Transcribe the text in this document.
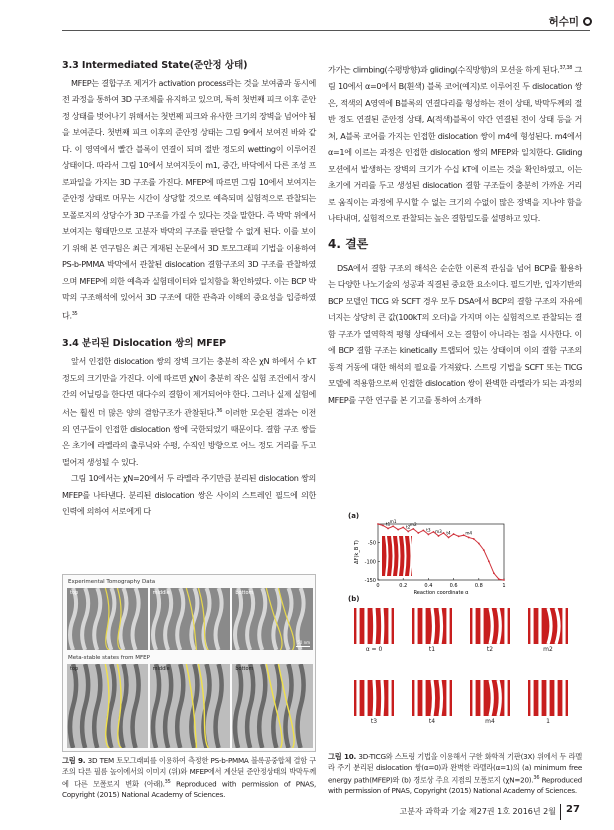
허수미
3.3 Intermediated State(준안정 상태)

MFEP는 결합구조 제거가 activation process라는 것을 보여줌과 동시에 전 과정을 통하여 3D 구조체를 유지하고 있으며, 특히 첫번째 피크 이후 준안정 상태를 벗어나기 위해서는 첫번째 피크와 유사한 크기의 장벽을 넘어야 됨을 보여준다. 첫번째 피크 이후의 준안정 상태는 그림 9에서 보여진 바와 같다. 이 영역에서 빨간 블록이 연결이 되며 절반 정도의 wetting이 이루어진 상태이다. 따라서 그림 10에서 보여지듯이 m1, 중간, 바닥에서 다른 조성 프로파일을 가지는 3D 구조를 가진다. MFEP에 따르면 그림 10에서 보여지는 준안정 상태로 머무는 시간이 상당할 것으로 예측되며 실험적으로 관찰되는 모폴로지의 상당수가 3D 구조를 가질 수 있다는 것을 말한다. 즉 박막 위에서 보여지는 형태만으로 고분자 박막의 구조를 판단할 수 없게 된다. 이를 보이기 위해 본 연구팀은 최근 게재된 논문에서 3D 토모그래피 기법을 이용하여 PS-b-PMMA 박막에서 관찰된 dislocation 결함구조의 3D 구조를 관찰하였으며 MFEP에 의한 예측과 실험데이터와 일치함을 확인하였다. 이는 BCP 박막의 구조해석에 있어서 3D 구조에 대한 관측과 이해의 중요성을 입증하였다.$^{35}$

3.4 분리된 Dislocation 쌍의 MFEP

앞서 인접한 dislocation 쌍의 장벽 크기는 충분히 작은 χN 하에서 수 kT 정도의 크기만을 가진다. 이에 따르면 χN이 충분히 작은 실험 조건에서 장시간의 어닐링을 한다면 대다수의 결함이 제거되어야 한다. 그러나 실제 실험에서는 훨씬 더 많은 양의 결함구조가 관찰된다.$^{36}$ 이러한 모순된 결과는 이전의 연구들이 인접한 dislocation 쌍에 국한되었기 때문이다. 결함 구조 쌍들은 초기에 라멜라의 출루닉와 수평, 수직인 방향으로 어느 정도 거리를 두고 떨어져 생성될 수 있다.

그림 10에서는 χN=20에서 두 라멜라 주기만큼 분리된 dislocation 쌍의 MFEP를 나타낸다. 분리된 dislocation 쌍은 사이의 스트레인 필드에 의한 인력에 의하여 서로에게 다

Experimental Tomography Data
top	middle	bottom
50 nm
Meta-stable states from MFEP
top	middle	bottom

그림 9. 3D TEM 토모그래피를 이용하여 측정한 PS-b-PMMA 블록공중합체 결함 구조의 다른 필름 높이에서의 이미지 (위)와 MFEP에서 계산된 준안정상태의 박막두께에 다른 모폴로지 변화 (아래).$^{35}$ Reproduced with permission of PNAS, Copyright (2015) National Academy of Sciences.

가가는 climbing(수평방향)과 gliding(수직방향)의 모션을 하게 된다.$^{37,38}$ 그림 10에서 α=0에서 B(흰색) 블록 코어(예지)로 이루어진 두 dislocation 쌍은, 적색의 A영역에 B블록의 연결다리를 형성하는 전이 상태, 박막두께의 절반 정도 연결된 준안정 상태, A(적색)블록이 약간 연결된 전이 상태 등을 거쳐, A블록 코어를 가지는 인접한 dislocation 쌍이 m4에 형성된다. m4에서 α=1에 이르는 과정은 인접한 dislocation 쌍의 MFEP와 일치한다. Gliding 모션에서 발생하는 장벽의 크기가 수십 kT에 이르는 것을 확인하였고, 이는 초기에 거리를 두고 생성된 dislocation 결함 구조들이 충분히 가까운 거리로 움직이는 과정에 무시할 수 없는 크기의 수없이 많은 장벽을 지나야 함을 나타내며, 실험적으로 관찰되는 높은 결함밀도를 설명하고 있다.

4. 결론

DSA에서 결함 구조의 해석은 순순한 이론적 관심을 넘어 BCP를 활용하는 다양한 나노기술의 성공과 직결된 중요한 요소이다. 필드기반, 입자기반의 BCP 모델인 TICG 와 SCFT 경우 모두 DSA에서 BCP의 결함 구조의 자유에너지는 상당히 큰 값(100kT의 오더)을 가지며 이는 실험적으로 관찰되는 결함 구조가 열역학적 평형 상태에서 오는 결함이 아니라는 점을 시사한다. 이에 BCP 결함 구조는 kinetically 트랩되어 있는 상태이며 이의 결함 구조의 동적 거동에 대한 해석의 필요를 가져왔다. 스트링 기법을 SCFT 또는 TICG 모델에 적용함으로써 인접한 dislocation 쌍이 완벽한 라멜라가 되는 과정의 MFEP를 구한 연구를 본 기고를 통하여 소개하

(a)
-50
-100
-150
0	0.2	0.4	0.6	0.8	1
ΔF(k_B T)
Reaction coordinate α
t1 m1
t2
m2
t3 m3 t4	m4
(b)
α = 0	t1	t2	m2
t3	t4	m4	1

그림 10. 3D-TICG와 스트링 기법을 이용해서 구한 화학적 기판(3X) 위에서 두 라멜라 주기 분리된 dislocation 쌍(α=0)과 완벽한 라멜라(α=1)의 (a) minimum free energy path(MFEP)와 (b) 경로상 주요 지점의 모폴로지 (χN=20).$^{36}$ Reproduced with permission of PNAS, Copyright (2015) National Academy of Sciences.

고분자 과학과 기술 제27권 1호 2016년 2월 27
